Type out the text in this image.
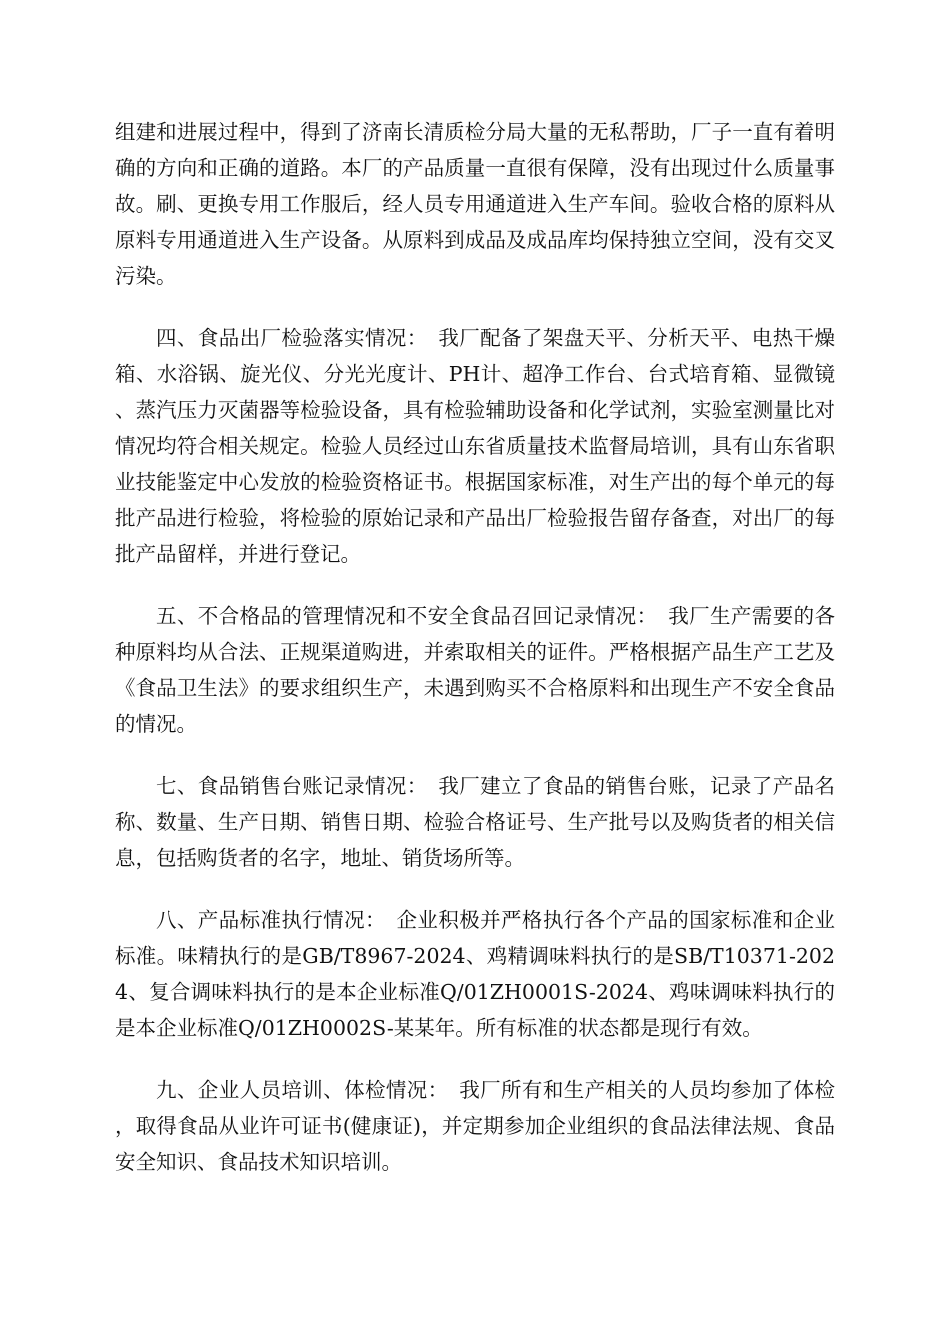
组建和进展过程中，得到了济南长清质检分局大量的无私帮助，厂子一直有着明确的方向和正确的道路。本厂的产品质量一直很有保障，没有出现过什么质量事故。刷、更换专用工作服后，经人员专用通道进入生产车间。验收合格的原料从原料专用通道进入生产设备。从原料到成品及成品库均保持独立空间，没有交叉污染。

四、食品出厂检验落实情况：　我厂配备了架盘天平、分析天平、电热干燥箱、水浴锅、旋光仪、分光光度计、PH计、超净工作台、台式培育箱、显微镜、蒸汽压力灭菌器等检验设备，具有检验辅助设备和化学试剂，实验室测量比对情况均符合相关规定。检验人员经过山东省质量技术监督局培训，具有山东省职业技能鉴定中心发放的检验资格证书。根据国家标准，对生产出的每个单元的每批产品进行检验，将检验的原始记录和产品出厂检验报告留存备查，对出厂的每批产品留样，并进行登记。

五、不合格品的管理情况和不安全食品召回记录情况：　我厂生产需要的各种原料均从合法、正规渠道购进，并索取相关的证件。严格根据产品生产工艺及《食品卫生法》的要求组织生产，未遇到购买不合格原料和出现生产不安全食品的情况。

七、食品销售台账记录情况：　我厂建立了食品的销售台账，记录了产品名称、数量、生产日期、销售日期、检验合格证号、生产批号以及购货者的相关信息，包括购货者的名字，地址、销货场所等。

八、产品标准执行情况：　企业积极并严格执行各个产品的国家标准和企业标准。味精执行的是GB/T8967-2024、鸡精调味料执行的是SB/T10371-2024、复合调味料执行的是本企业标准Q/01ZH0001S-2024、鸡味调味料执行的是本企业标准Q/01ZH0002S-某某年。所有标准的状态都是现行有效。

九、企业人员培训、体检情况：　我厂所有和生产相关的人员均参加了体检，取得食品从业许可证书(健康证)，并定期参加企业组织的食品法律法规、食品安全知识、食品技术知识培训。
